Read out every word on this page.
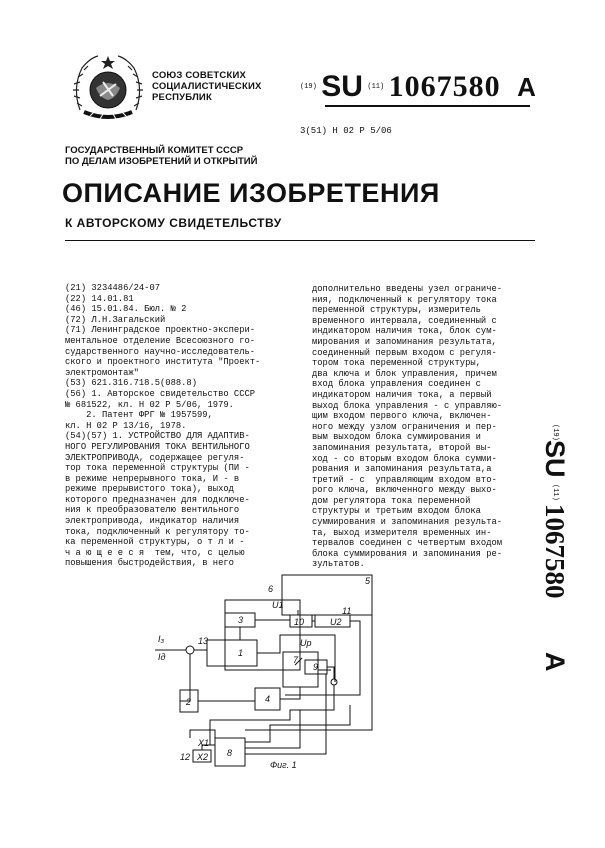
СОЮЗ СОВЕТСКИХ
СОЦИАЛИСТИЧЕСКИХ
РЕСПУБЛИК
(19) SU (11) 1067580 A
3(51) Н 02 Р 5/06
ГОСУДАРСТВЕННЫЙ КОМИТЕТ СССР
ПО ДЕЛАМ ИЗОБРЕТЕНИЙ И ОТКРЫТИЙ
ОПИСАНИЕ ИЗОБРЕТЕНИЯ
К АВТОРСКОМУ СВИДЕТЕЛЬСТВУ
(21) 3234486/24-07
(22) 14.01.81
(46) 15.01.84. Бюл. № 2
(72) Л.Н.Загальский
(71) Ленинградское проектно-экспери-
ментальное отделение Всесоюзного го-
сударственного научно-исследователь-
ского и проектного института "Проект-
электромонтаж"
(53) 621.316.718.5(088.8)
(56) 1. Авторское свидетельство СССР
№ 681522, кл. Н 02 Р 5/06, 1979.
2. Патент ФРГ № 1957599,
кл. Н 02 Р 13/16, 1978.
(54)(57) 1. УСТРОЙСТВО ДЛЯ АДАПТИВ-
НОГО РЕГУЛИРОВАНИЯ ТОКА ВЕНТИЛЬНОГО
ЭЛЕКТРОПРИВОДА, содержащее регуля-
тор тока переменной структуры (ПИ -
в режиме непрерывного тока, И - в
режиме прерывистого тока), выход
которого предназначен для подключе-
ния к преобразователю вентильного
электропривода, индикатор наличия
тока, подключенный к регулятору то-
ка переменной структуры, о т л и -
ч а ю щ е е с я  тем, что, с целью
повышения быстродействия, в него
дополнительно введены узел ограниче-
ния, подключенный к регулятору тока
переменной структуры, измеритель
временного интервала, соединенный с
индикатором наличия тока, блок сум-
мирования и запоминания результата,
соединенный первым входом с регуля-
тором тока переменной структуры,
два ключа и блок управления, причем
вход блока управления соединен с
индикатором наличия тока, а первый
выход блока управления - с управляю-
щим входом первого ключа, включен-
ного между узлом ограничения и пер-
вым выходом блока суммирования и
запоминания результата, второй вы-
ход - со вторым входом блока сумми-
рования и запоминания результата,а
третий - с  управляющим входом вто-
рого ключа, включенного между выхо-
дом регулятора тока переменной
структуры и третьим входом блока
суммирования и запоминания результа-
та, выход измерителя временных ин-
тервалов соединен с четвертым входом
блока суммирования и запоминания ре-
зультатов.
(19)
SU
(11)
1067580
A
1
2
3
4
5
6
7
8
9
10
11
12
13
I₃
Iд
Uр
U1
U2
X1
X2
Фиг. 1
